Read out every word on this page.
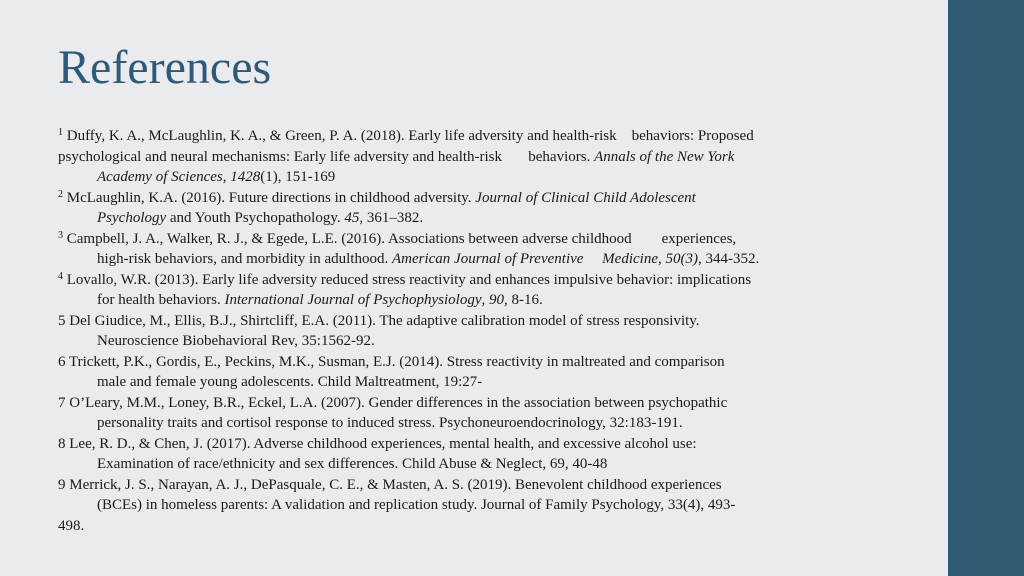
References
$^1$ Duffy, K. A., McLaughlin, K. A., & Green, P. A. (2018). Early life adversity and health-risk    behaviors: Proposed
psychological and neural mechanisms: Early life adversity and health-risk       behaviors. Annals of the New York
Academy of Sciences, 1428(1), 151-169
$^2$ McLaughlin, K.A. (2016). Future directions in childhood adversity. Journal of Clinical Child Adolescent
Psychology and Youth Psychopathology. 45, 361–382.
$^3$ Campbell, J. A., Walker, R. J., & Egede, L.E. (2016). Associations between adverse childhood        experiences,
high-risk behaviors, and morbidity in adulthood. American Journal of Preventive     Medicine, 50(3), 344-352.
$^4$ Lovallo, W.R. (2013). Early life adversity reduced stress reactivity and enhances impulsive behavior: implications
for health behaviors. International Journal of Psychophysiology, 90, 8-16.
5 Del Giudice, M., Ellis, B.J., Shirtcliff, E.A. (2011). The adaptive calibration model of stress responsivity.
Neuroscience Biobehavioral Rev, 35:1562-92.
6 Trickett, P.K., Gordis, E., Peckins, M.K., Susman, E.J. (2014). Stress reactivity in maltreated and comparison
male and female young adolescents. Child Maltreatment, 19:27-
7 O’Leary, M.M., Loney, B.R., Eckel, L.A. (2007). Gender differences in the association between psychopathic
personality traits and cortisol response to induced stress. Psychoneuroendocrinology, 32:183-191.
8 Lee, R. D., & Chen, J. (2017). Adverse childhood experiences, mental health, and excessive alcohol use:
Examination of race/ethnicity and sex differences. Child Abuse & Neglect, 69, 40-48
9 Merrick, J. S., Narayan, A. J., DePasquale, C. E., & Masten, A. S. (2019). Benevolent childhood experiences
(BCEs) in homeless parents: A validation and replication study. Journal of Family Psychology, 33(4), 493-
498.
